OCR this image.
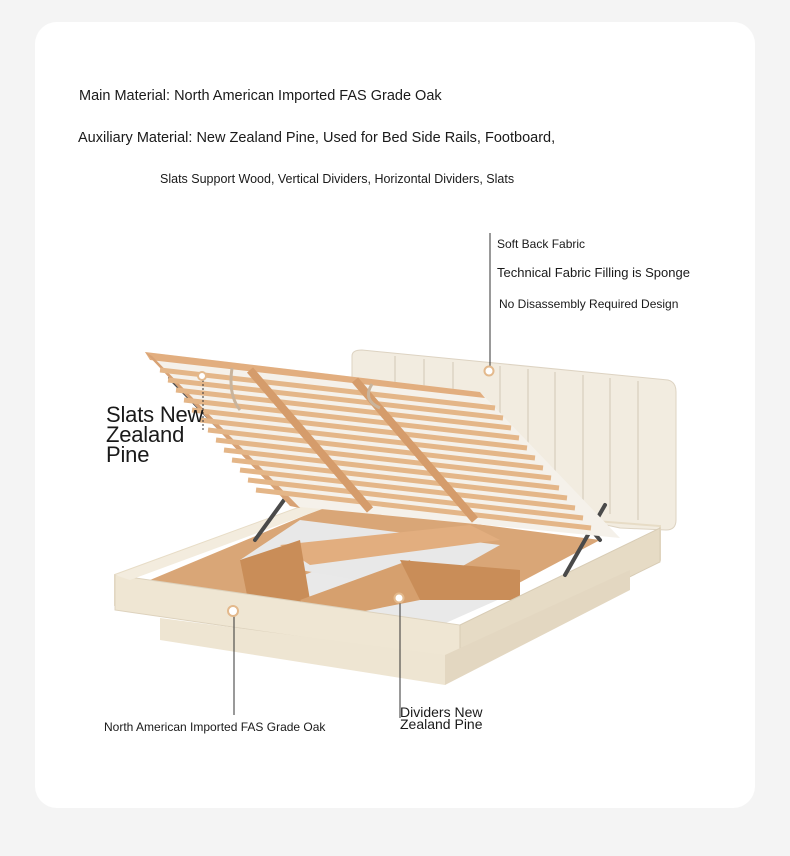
Main Material: North American Imported FAS Grade Oak
Auxiliary Material: New Zealand Pine, Used for Bed Side Rails, Footboard,
Slats Support Wood, Vertical Dividers, Horizontal Dividers, Slats
Soft Back Fabric
Technical Fabric Filling is Sponge
No Disassembly Required Design
Slats New Zealand Pine
North American Imported FAS Grade Oak
Dividers New Zealand Pine
